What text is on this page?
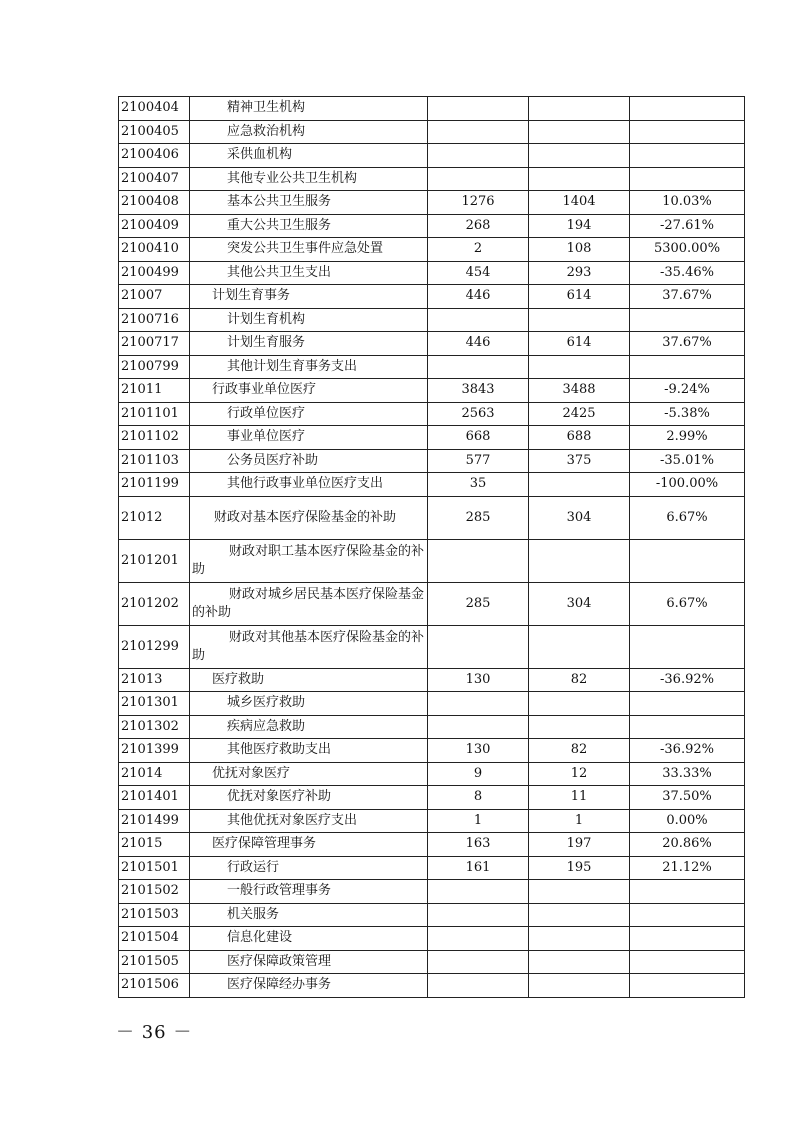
2100404	精神卫生机构			
2100405	应急救治机构			
2100406	采供血机构			
2100407	其他专业公共卫生机构			
2100408	基本公共卫生服务	1276	1404	10.03%
2100409	重大公共卫生服务	268	194	-27.61%
2100410	突发公共卫生事件应急处置	2	108	5300.00%
2100499	其他公共卫生支出	454	293	-35.46%
21007	计划生育事务	446	614	37.67%
2100716	计划生育机构			
2100717	计划生育服务	446	614	37.67%
2100799	其他计划生育事务支出			
21011	行政事业单位医疗	3843	3488	-9.24%
2101101	行政单位医疗	2563	2425	-5.38%
2101102	事业单位医疗	668	688	2.99%
2101103	公务员医疗补助	577	375	-35.01%
2101199	其他行政事业单位医疗支出	35		-100.00%
21012	财政对基本医疗保险基金的补助	285	304	6.67%
2101201	财政对职工基本医疗保险基金的补助			
2101202	财政对城乡居民基本医疗保险基金的补助	285	304	6.67%
2101299	财政对其他基本医疗保险基金的补助			
21013	医疗救助	130	82	-36.92%
2101301	城乡医疗救助			
2101302	疾病应急救助			
2101399	其他医疗救助支出	130	82	-36.92%
21014	优抚对象医疗	9	12	33.33%
2101401	优抚对象医疗补助	8	11	37.50%
2101499	其他优抚对象医疗支出	1	1	0.00%
21015	医疗保障管理事务	163	197	20.86%
2101501	行政运行	161	195	21.12%
2101502	一般行政管理事务			
2101503	机关服务			
2101504	信息化建设			
2101505	医疗保障政策管理			
2101506	医疗保障经办事务			
－ 36 －
